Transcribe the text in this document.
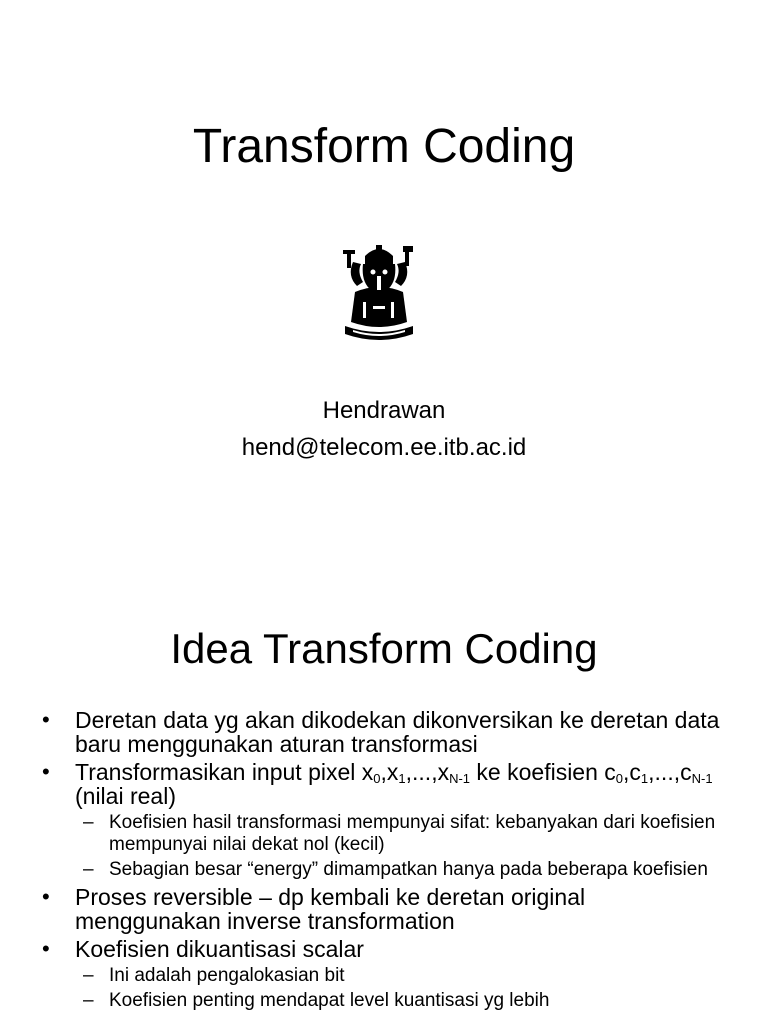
Transform Coding
Hendrawan
hend@telecom.ee.itb.ac.id
Idea Transform Coding
• Deretan data yg akan dikodekan dikonversikan ke deretan data baru menggunakan aturan transformasi
• Transformasikan input pixel $x_0,x_1,...,x_{N-1}$ ke koefisien $c_0,c_1,...,c_{N-1}$ (nilai real)
– Koefisien hasil transformasi mempunyai sifat: kebanyakan dari koefisien mempunyai nilai dekat nol (kecil)
– Sebagian besar “energy” dimampatkan hanya pada beberapa koefisien
• Proses reversible – dp kembali ke deretan original menggunakan inverse transformation
• Koefisien dikuantisasi scalar
– Ini adalah pengalokasian bit
– Koefisien penting mendapat level kuantisasi yg lebih
